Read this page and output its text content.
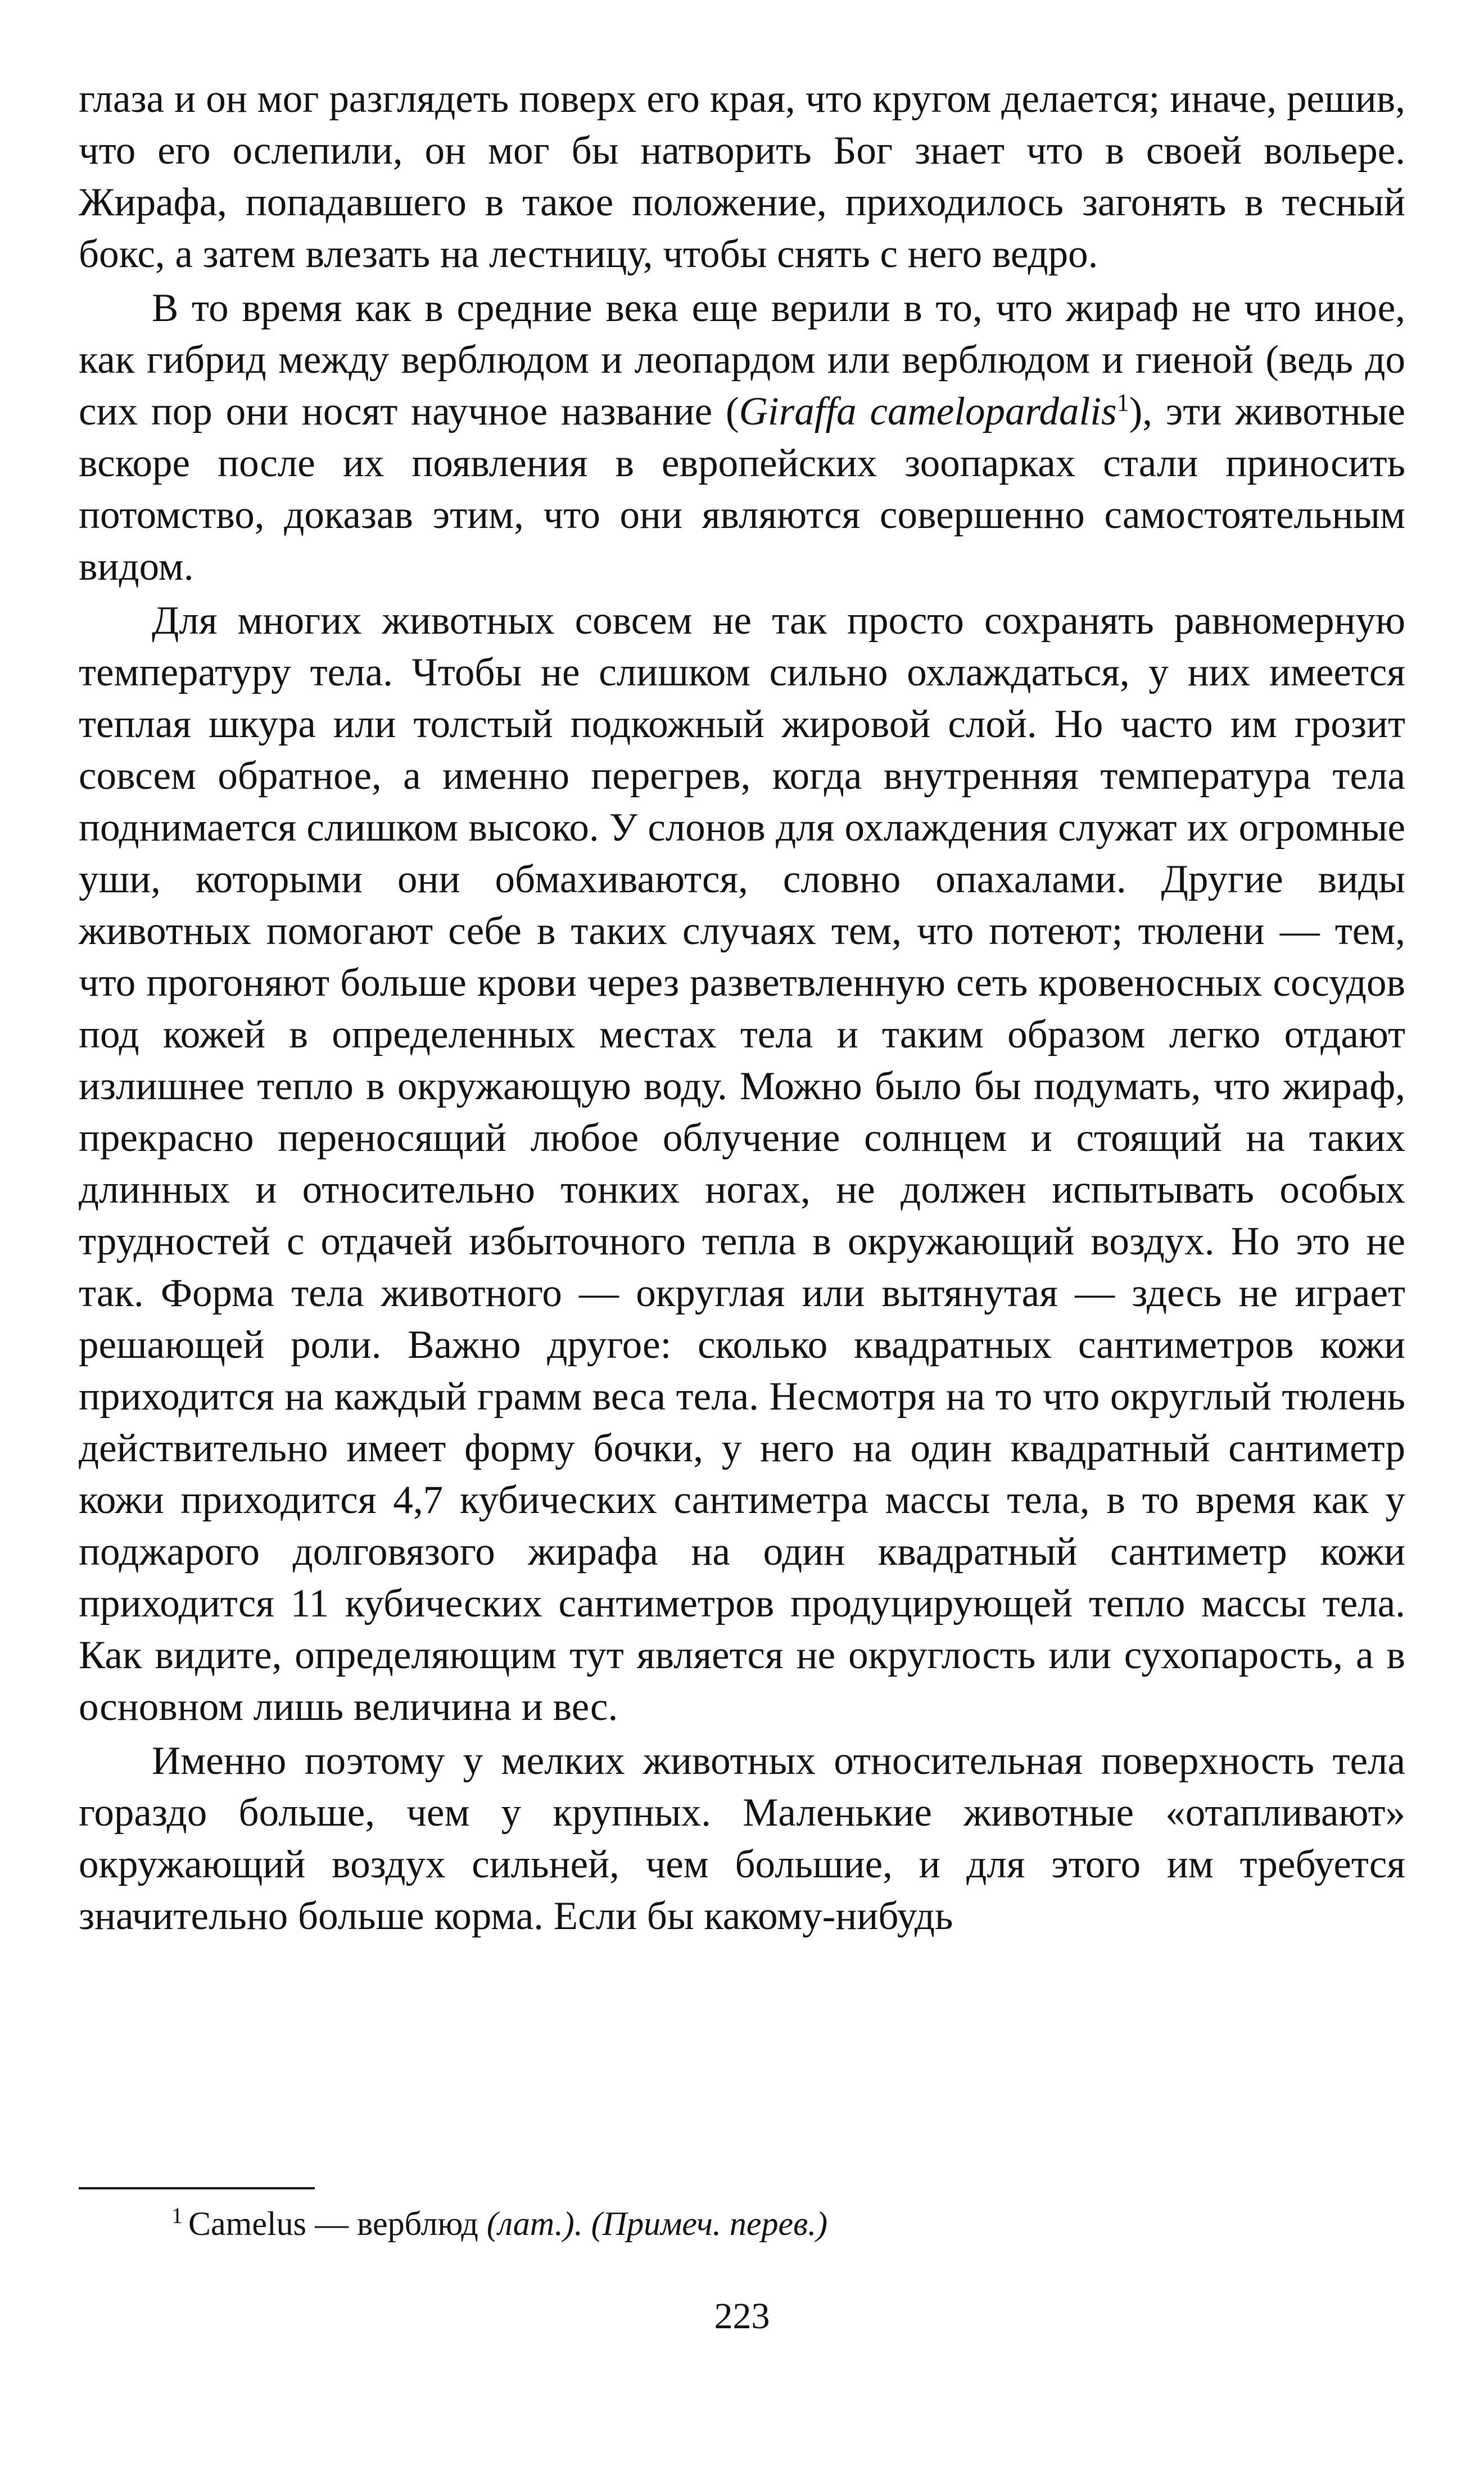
глаза и он мог разглядеть поверх его края, что кругом делается; иначе, решив, что его ослепили, он мог бы натворить Бог знает что в своей вольере. Жирафа, попадавшего в такое положение, приходилось загонять в тесный бокс, а затем влезать на лестницу, чтобы снять с него ведро.

В то время как в средние века еще верили в то, что жираф не что иное, как гибрид между верблюдом и леопардом или верблюдом и гиеной (ведь до сих пор они носят научное название (Giraffa camelopardalis$^1$), эти животные вскоре после их появления в европейских зоопарках стали приносить потомство, доказав этим, что они являются совершенно самостоятельным видом.

Для многих животных совсем не так просто сохранять равномерную температуру тела. Чтобы не слишком сильно охлаждаться, у них имеется теплая шкура или толстый подкожный жировой слой. Но часто им грозит совсем обратное, а именно перегрев, когда внутренняя температура тела поднимается слишком высоко. У слонов для охлаждения служат их огромные уши, которыми они обмахиваются, словно опахалами. Другие виды животных помогают себе в таких случаях тем, что потеют; тюлени — тем, что прогоняют больше крови через разветвленную сеть кровеносных сосудов под кожей в определенных местах тела и таким образом легко отдают излишнее тепло в окружающую воду. Можно было бы подумать, что жираф, прекрасно переносящий любое облучение солнцем и стоящий на таких длинных и относительно тонких ногах, не должен испытывать особых трудностей с отдачей избыточного тепла в окружающий воздух. Но это не так. Форма тела животного — округлая или вытянутая — здесь не играет решающей роли. Важно другое: сколько квадратных сантиметров кожи приходится на каждый грамм веса тела. Несмотря на то что округлый тюлень действительно имеет форму бочки, у него на один квадратный сантиметр кожи приходится 4,7 кубических сантиметра массы тела, в то время как у поджарого долговязого жирафа на один квадратный сантиметр кожи приходится 11 кубических сантиметров продуцирующей тепло массы тела. Как видите, определяющим тут является не округлость или сухопарость, а в основном лишь величина и вес.

Именно поэтому у мелких животных относительная поверхность тела гораздо больше, чем у крупных. Маленькие животные «отапливают» окружающий воздух сильней, чем большие, и для этого им требуется значительно больше корма. Если бы какому-нибудь

$^1$ Camelus — верблюд (лат.). (Примеч. перев.)

223
